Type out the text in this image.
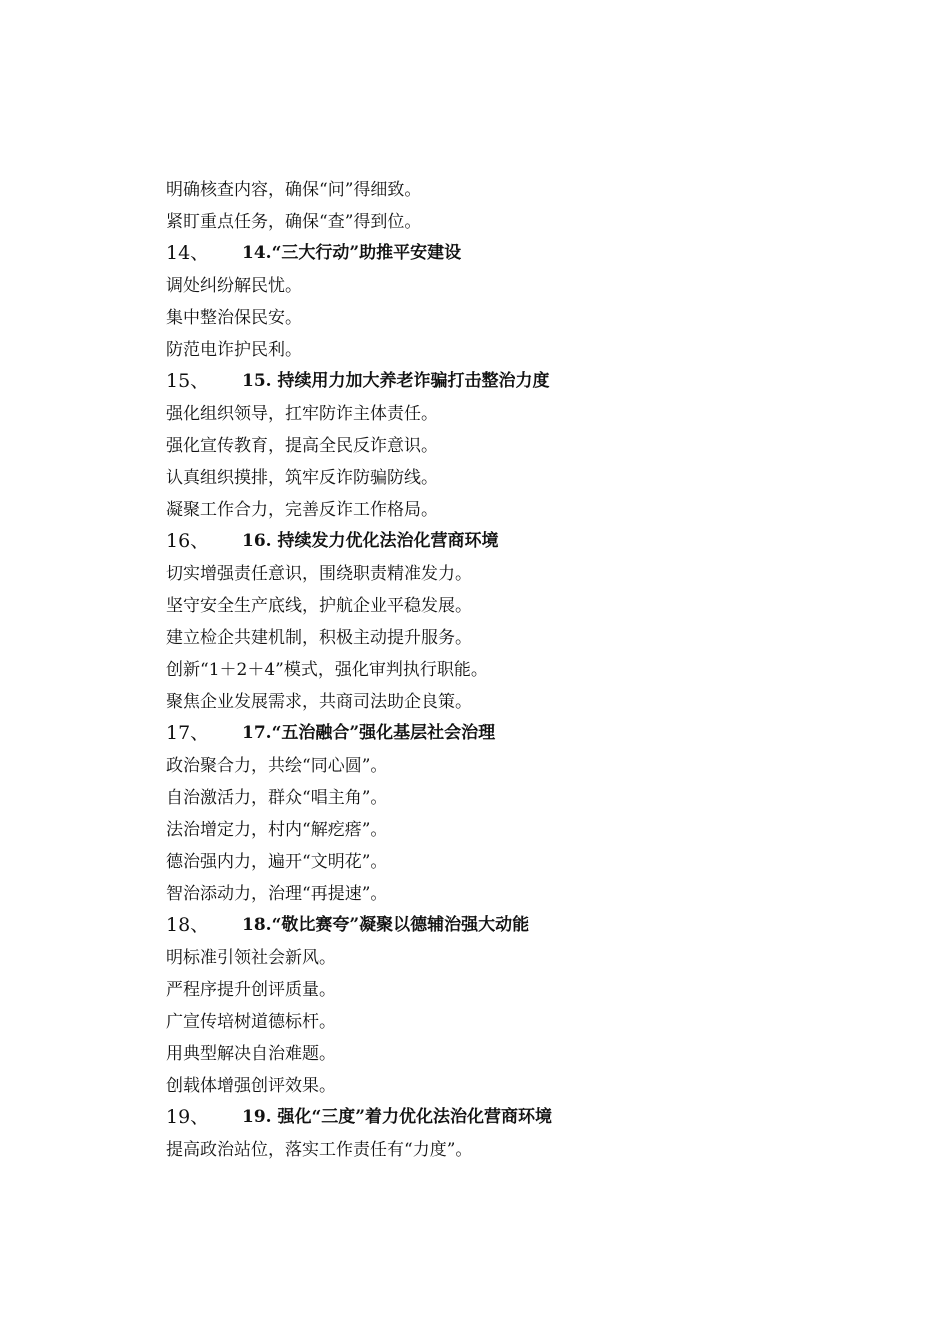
明确核查内容，确保“问”得细致。
紧盯重点任务，确保“查”得到位。
14、 14.“三大行动”助推平安建设
调处纠纷解民忧。
集中整治保民安。
防范电诈护民利。
15、 15. 持续用力加大养老诈骗打击整治力度
强化组织领导，扛牢防诈主体责任。
强化宣传教育，提高全民反诈意识。
认真组织摸排，筑牢反诈防骗防线。
凝聚工作合力，完善反诈工作格局。
16、 16. 持续发力优化法治化营商环境
切实增强责任意识，围绕职责精准发力。
坚守安全生产底线，护航企业平稳发展。
建立检企共建机制，积极主动提升服务。
创新“1＋2＋4”模式，强化审判执行职能。
聚焦企业发展需求，共商司法助企良策。
17、 17.“五治融合”强化基层社会治理
政治聚合力，共绘“同心圆”。
自治激活力，群众“唱主角”。
法治增定力，村内“解疙瘩”。
德治强内力，遍开“文明花”。
智治添动力，治理“再提速”。
18、 18.“敬比赛夸”凝聚以德辅治强大动能
明标准引领社会新风。
严程序提升创评质量。
广宣传培树道德标杆。
用典型解决自治难题。
创载体增强创评效果。
19、 19. 强化“三度”着力优化法治化营商环境
提高政治站位，落实工作责任有“力度”。
